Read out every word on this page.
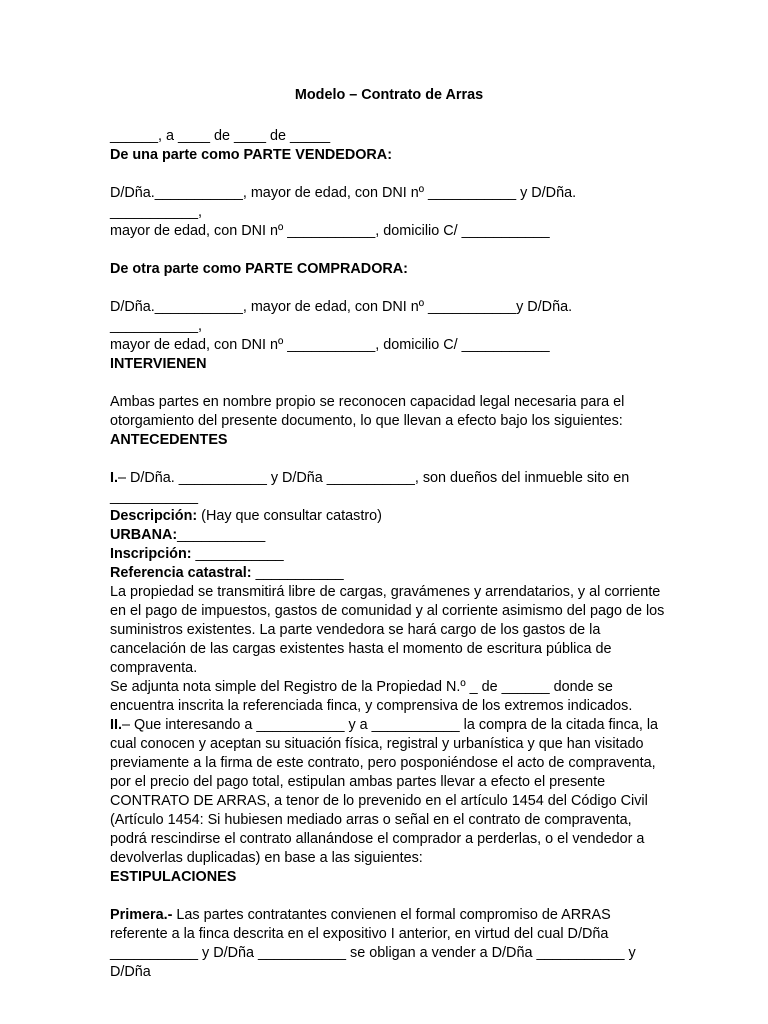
Modelo – Contrato de Arras

______, a ____ de ____ de _____

De una parte como PARTE VENDEDORA:

D/Dña.___________, mayor de edad, con DNI nº ___________ y D/Dña. ___________,

mayor de edad, con DNI nº ___________, domicilio C/ ___________

De otra parte como PARTE COMPRADORA:

D/Dña.___________, mayor de edad, con DNI nº ___________y D/Dña. ___________,

mayor de edad, con DNI nº ___________, domicilio C/ ___________

INTERVIENEN

Ambas partes en nombre propio se reconocen capacidad legal necesaria para el otorgamiento del presente documento, lo que llevan a efecto bajo los siguientes:

ANTECEDENTES

I.– D/Dña. ___________ y D/Dña ___________, son dueños del inmueble sito en ___________

Descripción: (Hay que consultar catastro)

URBANA:___________

Inscripción: ___________

Referencia catastral: ___________

La propiedad se transmitirá libre de cargas, gravámenes y arrendatarios, y al corriente en el pago de impuestos, gastos de comunidad y al corriente asimismo del pago de los suministros existentes. La parte vendedora se hará cargo de los gastos de la cancelación de las cargas existentes hasta el momento de escritura pública de compraventa.

Se adjunta nota simple del Registro de la Propiedad N.º _ de ______ donde se encuentra inscrita la referenciada finca, y comprensiva de los extremos indicados.

II.– Que interesando a ___________ y a ___________ la compra de la citada finca, la cual conocen y aceptan su situación física, registral y urbanística y que han visitado previamente a la firma de este contrato, pero posponiéndose el acto de compraventa, por el precio del pago total, estipulan ambas partes llevar a efecto el presente CONTRATO DE ARRAS, a tenor de lo prevenido en el artículo 1454 del Código Civil (Artículo 1454: Si hubiesen mediado arras o señal en el contrato de compraventa, podrá rescindirse el contrato allanándose el comprador a perderlas, o el vendedor a devolverlas duplicadas) en base a las siguientes:

ESTIPULACIONES

Primera.- Las partes contratantes convienen el formal compromiso de ARRAS referente a la finca descrita en el expositivo I anterior, en virtud del cual D/Dña ___________ y D/Dña ___________ se obligan a vender a D/Dña ___________ y D/Dña
